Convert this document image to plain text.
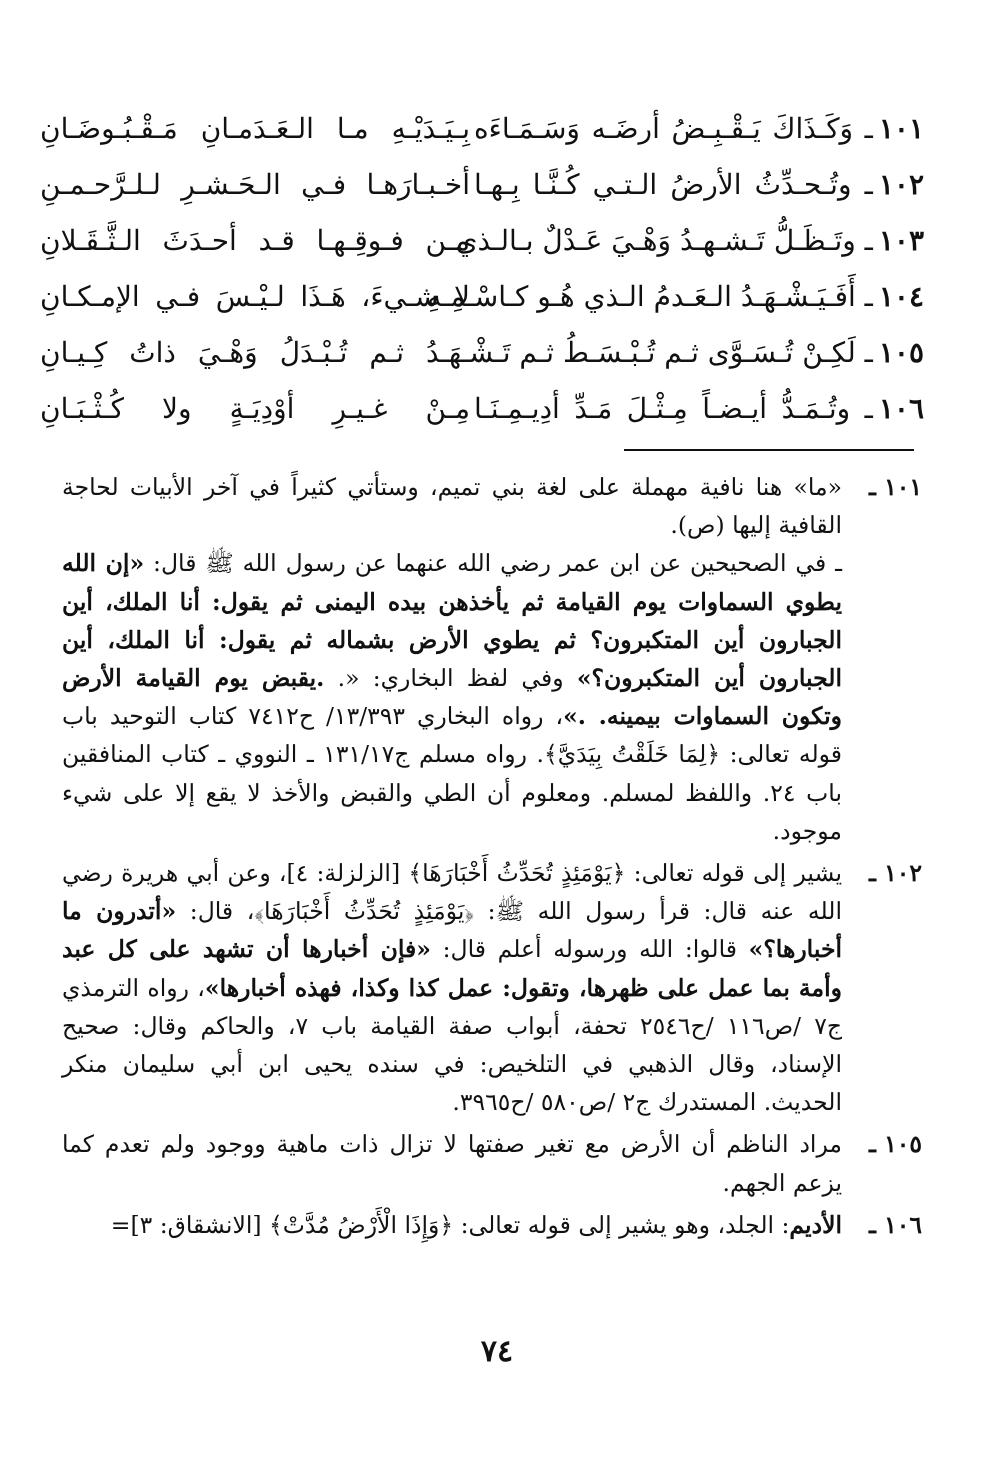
١٠١ـ وَكَـذَاكَ يَـقْـبِـضُ أرضَـه وَسَـمَـاءَه
بِـيَـدَيْـهِ مـا الـعَـدَمـانِ مَـقْـبُـوضَـانِ
١٠٢ـ وتُـحـدِّثُ الأرضُ الـتـي كُـنَّـا بِـهـا
أخـبـارَهـا فـي الـحَـشـرِ لـلـرَّحـمـنِ
١٠٣ـ وتَـظَـلُّ تَـشـهـدُ وَهْـيَ عَـدْلٌ بـالـذي
مـن فـوقِـهـا قـد أحـدَثَ الـثَّـقَـلانِ
١٠٤ـ أَفَـيَـشْـهَـدُ الـعَـدمُ الـذي هُـو كـاسْـمِـهِ
لا شـيءَ، هَـذَا لـيْـسَ فـي الإمـكـانِ
١٠٥ـ لَكِـنْ تُـسَـوَّى ثـم تُـبْـسَـطُ ثـم تَـشْـ
ـهَـدُ ثـم تُـبْـدَلُ وَهْـيَ ذاتُ كِـيـانِ
١٠٦ـ وتُـمَـدُّ أيـضـاً مِـثْـلَ مَـدِّ أدِيـمِـنَـا
مِـنْ غـيـرِ أوْدِيَـةٍ ولا كُـثْـبَـانِ
١٠١ ـ

«ما» هنا نافية مهملة على لغة بني تميم، وستأتي كثيراً في آخر الأبيات لحاجة القافية إليها (ص).

ـ في الصحيحين عن ابن عمر رضي الله عنهما عن رسول الله ﷺ قال: «إن الله يطوي السماوات يوم القيامة ثم يأخذهن بيده اليمنى ثم يقول: أنا الملك، أين الجبارون أين المتكبرون؟ ثم يطوي الأرض بشماله ثم يقول: أنا الملك، أين الجبارون أين المتكبرون؟» وفي لفظ البخاري: «. .يقبض يوم القيامة الأرض وتكون السماوات بيمينه. .»، رواه البخاري ١٣/٣٩٣/ ح٧٤١٢ كتاب التوحيد باب قوله تعالى: ﴿لِمَا خَلَقْتُ بِيَدَيَّ﴾. رواه مسلم ج١٣١/١٧ ـ النووي ـ كتاب المنافقين باب ٢٤. واللفظ لمسلم. ومعلوم أن الطي والقبض والأخذ لا يقع إلا على شيء موجود.

١٠٢ ـ

يشير إلى قوله تعالى: ﴿يَوْمَئِذٍ تُحَدِّثُ أَخْبَارَهَا﴾ [الزلزلة: ٤]، وعن أبي هريرة رضي الله عنه قال: قرأ رسول الله ﷺ: ﴿يَوْمَئِذٍ تُحَدِّثُ أَخْبَارَهَا﴾، قال: «أتدرون ما أخبارها؟» قالوا: الله ورسوله أعلم قال: «فإن أخبارها أن تشهد على كل عبد وأمة بما عمل على ظهرها، وتقول: عمل كذا وكذا، فهذه أخبارها»، رواه الترمذي ج٧ /ص١١٦ /ح٢٥٤٦ تحفة، أبواب صفة القيامة باب ٧، والحاكم وقال: صحيح الإسناد، وقال الذهبي في التلخيص: في سنده يحيى ابن أبي سليمان منكر الحديث. المستدرك ج٢ /ص٥٨٠ /ح٣٩٦٥.

١٠٥ ـ

مراد الناظم أن الأرض مع تغير صفتها لا تزال ذات ماهية ووجود ولم تعدم كما يزعم الجهم.

١٠٦ ـ

الأديم: الجلد، وهو يشير إلى قوله تعالى: ﴿وَإِذَا الْأَرْضُ مُدَّتْ﴾ [الانشقاق: ٣]=

٧٤
